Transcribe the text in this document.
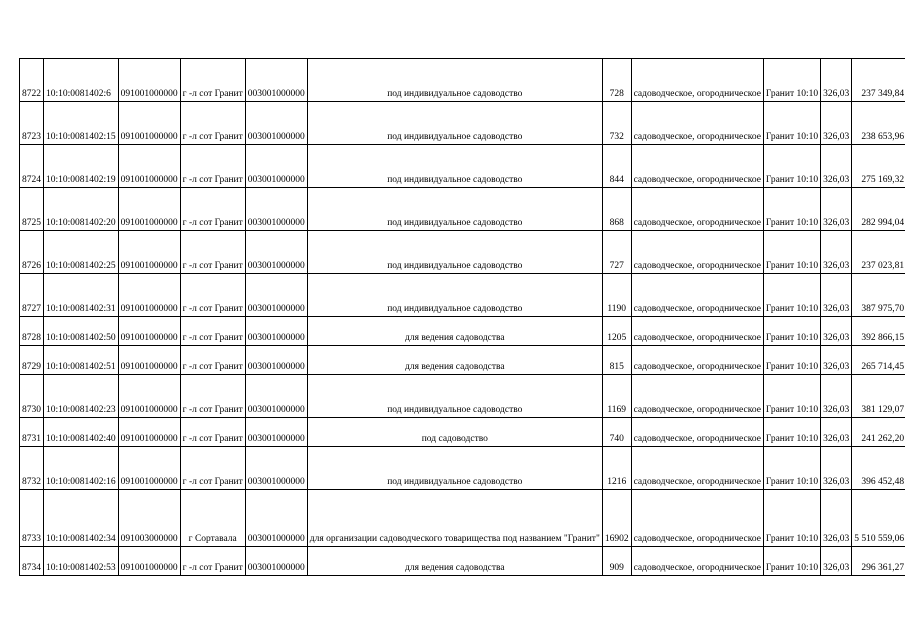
8722	10:10:0081402:6	091001000000	г -л сот Гранит	003001000000	под индивидуальное садоводство	728	садоводческое, огородническое	Гранит 10:10	326,03	237 349,84
8723	10:10:0081402:15	091001000000	г -л сот Гранит	003001000000	под индивидуальное садоводство	732	садоводческое, огородническое	Гранит 10:10	326,03	238 653,96
8724	10:10:0081402:19	091001000000	г -л сот Гранит	003001000000	под индивидуальное садоводство	844	садоводческое, огородническое	Гранит 10:10	326,03	275 169,32
8725	10:10:0081402:20	091001000000	г -л сот Гранит	003001000000	под индивидуальное садоводство	868	садоводческое, огородническое	Гранит 10:10	326,03	282 994,04
8726	10:10:0081402:25	091001000000	г -л сот Гранит	003001000000	под индивидуальное садоводство	727	садоводческое, огородническое	Гранит 10:10	326,03	237 023,81
8727	10:10:0081402:31	091001000000	г -л сот Гранит	003001000000	под индивидуальное садоводство	1190	садоводческое, огородническое	Гранит 10:10	326,03	387 975,70
8728	10:10:0081402:50	091001000000	г -л сот Гранит	003001000000	для ведения садоводства	1205	садоводческое, огородническое	Гранит 10:10	326,03	392 866,15
8729	10:10:0081402:51	091001000000	г -л сот Гранит	003001000000	для ведения садоводства	815	садоводческое, огородническое	Гранит 10:10	326,03	265 714,45
8730	10:10:0081402:23	091001000000	г -л сот Гранит	003001000000	под индивидуальное садоводство	1169	садоводческое, огородническое	Гранит 10:10	326,03	381 129,07
8731	10:10:0081402:40	091001000000	г -л сот Гранит	003001000000	под садоводство	740	садоводческое, огородническое	Гранит 10:10	326,03	241 262,20
8732	10:10:0081402:16	091001000000	г -л сот Гранит	003001000000	под индивидуальное садоводство	1216	садоводческое, огородническое	Гранит 10:10	326,03	396 452,48
8733	10:10:0081402:34	091003000000	г Сортавала	003001000000	для организации садоводческого товарищества под названием "Гранит"	16902	садоводческое, огородническое	Гранит 10:10	326,03	5 510 559,06
8734	10:10:0081402:53	091001000000	г -л сот Гранит	003001000000	для ведения садоводства	909	садоводческое, огородническое	Гранит 10:10	326,03	296 361,27
